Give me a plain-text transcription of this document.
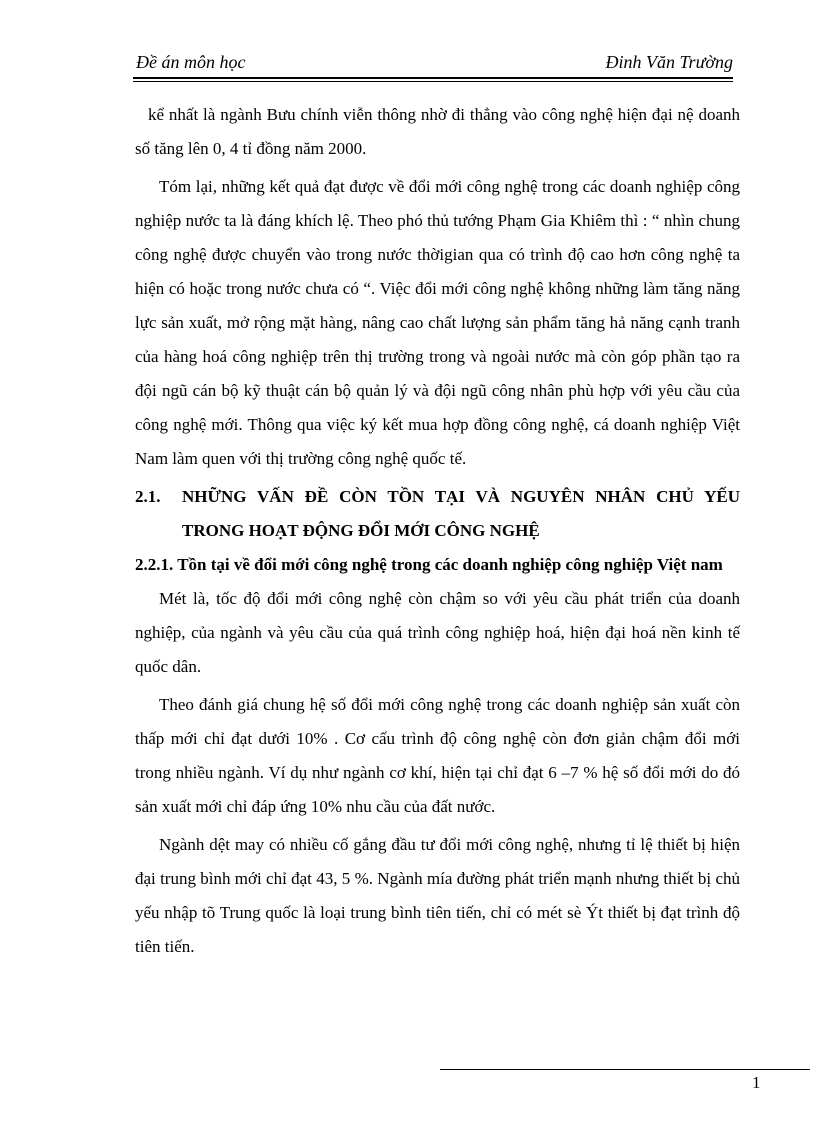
Đề án môn học	Đinh Văn Trường

kể nhất là ngành Bưu chính viễn thông nhờ đi thẳng vào công nghệ hiện đại nệ doanh số tăng lên 0, 4 tỉ đồng năm 2000.

Tóm lại, những kết quả đạt được về đổi mới công nghệ trong các doanh nghiệp công nghiệp nước ta là đáng khích lệ. Theo phó thủ tướng Phạm Gia Khiêm thì : “ nhìn chung công nghệ được chuyển vào trong nước thờigian qua có trình độ cao hơn công nghệ ta hiện có hoặc trong nước chưa có “. Việc đổi mới công nghệ không những làm tăng năng lực sản xuất, mở rộng mặt hàng, nâng cao chất lượng sản phẩm tăng hả năng cạnh tranh của hàng hoá công nghiệp trên thị trường trong và ngoài nước mà còn góp phần tạo ra đội ngũ cán bộ kỹ thuật cán bộ quản lý và đội ngũ công nhân phù hợp với yêu cầu của công nghệ mới. Thông qua việc ký kết mua hợp đồng công nghệ, cá doanh nghiệp Việt Nam làm quen với thị trường công nghệ quốc tế.

2.1.	NHỮNG VẤN ĐỀ CÒN TỒN TẠI VÀ NGUYÊN NHÂN CHỦ YẾU TRONG HOẠT ĐỘNG ĐỔI MỚI CÔNG NGHỆ
2.2.1. Tồn tại về đổi mới công nghệ trong các doanh nghiệp công nghiệp Việt nam

Mét là, tốc độ đổi mới công nghệ còn chậm so với yêu cầu phát triển của doanh nghiệp, của ngành và yêu cầu của quá trình công nghiệp hoá, hiện đại hoá nền kinh tế quốc dân.

Theo đánh giá chung hệ số đổi mới công nghệ trong các doanh nghiệp sản xuất còn thấp mới chỉ đạt dưới 10% . Cơ cấu trình độ công nghệ còn đơn giản chậm đổi mới trong nhiều ngành. Ví dụ như ngành cơ khí, hiện tại chỉ đạt 6 –7 % hệ số đổi mới do đó sản xuất mới chỉ đáp ứng 10% nhu cầu của đất nước.

Ngành dệt may có nhiều cố gắng đầu tư đổi mới công nghệ, nhưng tỉ lệ thiết bị hiện đại trung bình mới chỉ đạt 43, 5 %. Ngành mía đường phát triển mạnh nhưng thiết bị chủ yếu nhập tõ Trung quốc là loại trung bình tiên tiến, chỉ có mét sè Ýt thiết bị đạt trình độ tiên tiến.

1
